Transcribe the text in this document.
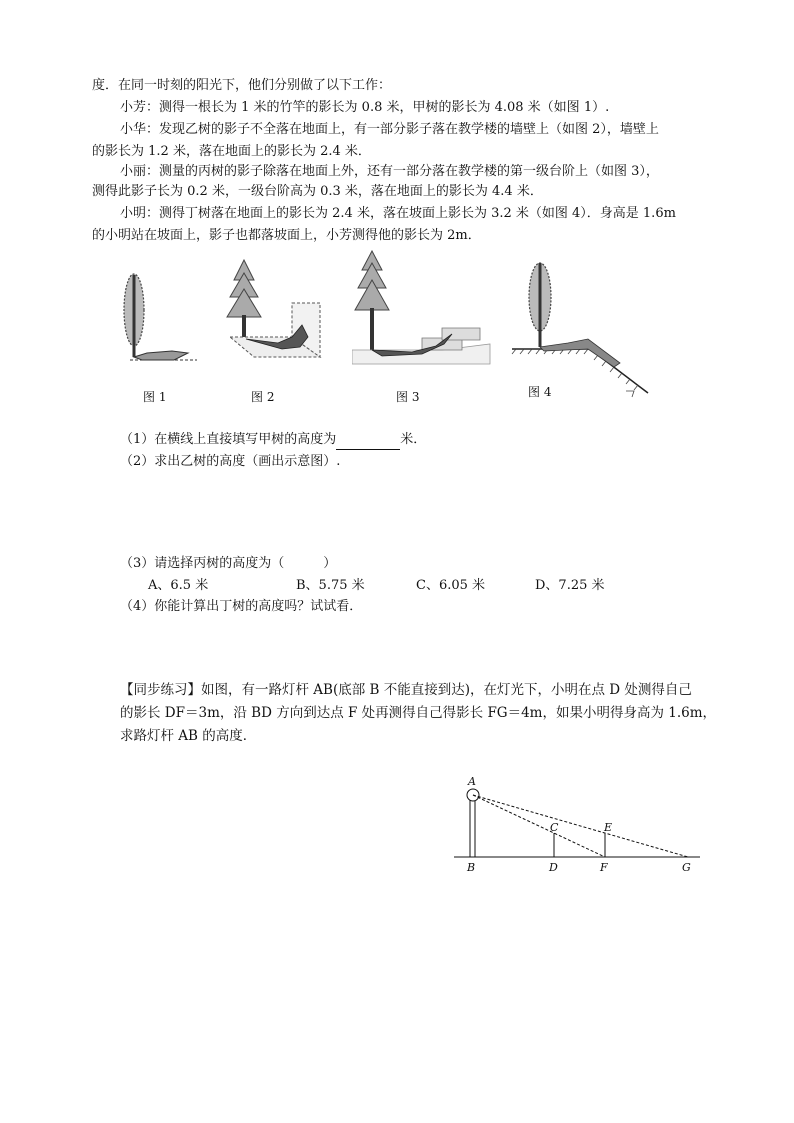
度．在同一时刻的阳光下，他们分别做了以下工作：
小芳：测得一根长为 1 米的竹竿的影长为 0.8 米，甲树的影长为 4.08 米（如图 1）.
小华：发现乙树的影子不全落在地面上，有一部分影子落在教学楼的墙壁上（如图 2），墙壁上
的影长为 1.2 米，落在地面上的影长为 2.4 米．
小丽：测量的丙树的影子除落在地面上外，还有一部分落在教学楼的第一级台阶上（如图 3），
测得此影子长为 0.2 米，一级台阶高为 0.3 米，落在地面上的影长为 4.4 米．
小明：测得丁树落在地面上的影长为 2.4 米，落在坡面上影长为 3.2 米（如图 4）．身高是 1.6m
的小明站在坡面上，影子也都落坡面上，小芳测得他的影长为 2m．
图 1	图 2	图 3	图 4
（1）在横线上直接填写甲树的高度为	米．
（2）求出乙树的高度（画出示意图）.
（3）请选择丙树的高度为（　　　）
A、6.5 米	B、5.75 米	C、6.05 米	D、7.25 米
（4）你能计算出丁树的高度吗？试试看．
【同步练习】如图，有一路灯杆 AB(底部 B 不能直接到达)，在灯光下，小明在点 D 处测得自己
的影长 DF＝3m，沿 BD 方向到达点 F 处再测得自己得影长 FG＝4m，如果小明得身高为 1.6m，
求路灯杆 AB 的高度．
A
B
C
D
E
F	G
